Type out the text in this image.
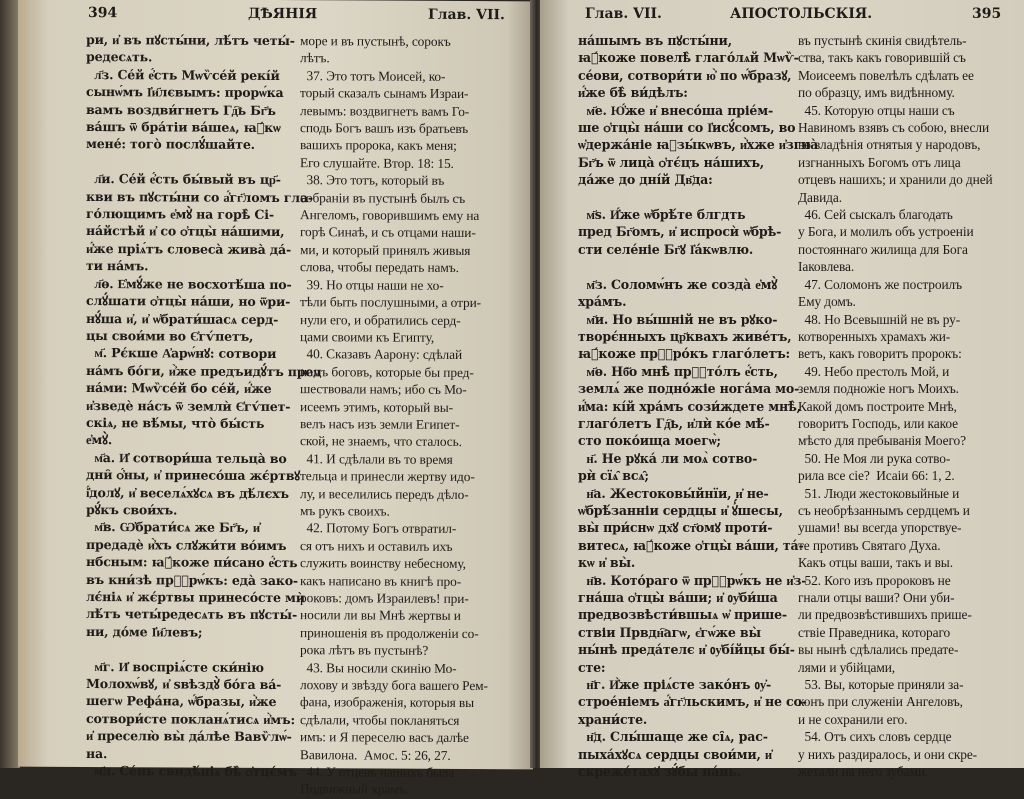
394	ДѢЯНІЯ	Глав. VII.
ри, и҆ въ пꙋсты́ни, лѣ́тъ четы́-
редесѧть.
л҃з. Се́й е҆́сть Мѡѷсе́й рекі́й
сынѡ́мъ І҆и҃лєвымъ: прорѡ́ка
вамъ воздви́гнетъ Гд҇ь Бг҃ъ
ва́шъ ѿ бра́тіи ва́шеѧ, ꙗ҆́кѡ
мене́: того̀ послꙋ́шайте.

л҃и. Се́й е҆́сть бы́вый въ цр҃-
кви въ пꙋсты́ни со а҆́гг҃ломъ гла-
го́лющимъ е҆мꙋ̀ на горѣ̀ Сі-
на́йстѣй и҆ со ѻ҆тцы̀ на́шими,
и҆́же пріѧ́тъ словеса̀ жива̀ да́-
ти на́мъ.
л҃ѳ. Е҆мꙋ́же не восхотѣ́ша по-
слꙋ́шати ѻ҆тцы̀ на́ши, но ѿри-
нꙋ́ша и҆, и҆ ѡ҆брати́шасѧ серд-
цы свои́ми во Є҆гѵ́петъ,
м҃. Рє́кше А҆арѡ́нꙋ: сотвори
на́мъ бо́ги, и҆̀же предъидꙋ́тъ пред
на́ми: Мѡѷсе́й бо се́й, и҆́же
и҆зведѐ на́съ ѿ землѝ Є҆гѵ́пет-
скіѧ, не вѣ́мы, что̀ бы́сть
е҆мꙋ̀.
м҃а. И҆ сотвори́ша тельца̀ во
дни̑ ѻ҆́ны, и҆ принесо́ша жє́ртвꙋ
і҆́долꙋ, и҆ веселѧ́хꙋсѧ въ дѣ́лєхъ
рꙋ́къ свои́хъ.
м҃в. Ѡ҆брати́сѧ же Бг҃ъ, и҆
предадѐ и҆̀хъ слꙋжи́ти во́имъ
нбсным: ꙗ҆́коже пи́сано е҆́сть
въ кни́зѣ прⷪ҇рѡ́къ: еда̀ зако-
лє́ніѧ и҆ жє́ртвы принесо́сте мѝ
лѣ́тъ четы́редесѧть въ пꙋсты́-
ни, до́ме І҆и҃левъ;

м҃г. И҆ воспріѧ́сте ски́нію
Молохѡ́вꙋ, и҆ ѕвѣздꙋ̀ бо́га ва́-
шегѡ Рефа́на, ѡ҆́бразы, и҆̀же
сотвори́сте покланѧ́тисѧ и҆̀мъ:
и҆ преселю̀ вы̀ да́лѣе Вавѷлѡ́-
на.
м҃д. Се́нь свидѣ́ніѧ бѣ̀ ѻ҆тцє́мъ
море и въ пустынѣ, сорокъ
лѣтъ.
37. Это тотъ Моисей, ко-
торый сказалъ сынамъ Израи-
левымъ: воздвигнетъ вамъ Го-
сподь Богъ вашъ изъ братьевъ
вашихъ пророка, какъ меня;
Его слушайте. Втор. 18: 15.
38. Это тотъ, который въ
собраніи въ пустынѣ былъ съ
Ангеломъ, говорившимъ ему на
горѣ Синаѣ, и съ отцами наши-
ми, и который принялъ живыя
слова, чтобы передать намъ.
39. Но отцы наши не хо-
тѣли быть послушными, а отри-
нули его, и обратились серд-
цами своими къ Египту,
40. Сказавъ Аарону: сдѣлай
намъ боговъ, которые бы пред-
шествовали намъ; ибо съ Мо-
исеемъ этимъ, который вы-
велъ насъ изъ земли Египет-
ской, не знаемъ, что сталось.
41. И сдѣлали въ то время
тельца и принесли жертву идо-
лу, и веселились передъ дѣло-
мъ рукъ своихъ.
42. Потому Богъ отвратил-
ся отъ нихъ и оставилъ ихъ
служить воинству небесному,
какъ написано въ книгѣ про-
роковъ: домъ Израилевъ! при-
носили ли вы Мнѣ жертвы и
приношенія въ продолженіи со-
рока лѣтъ въ пустынѣ?
43. Вы носили скинію Мо-
лохову и звѣзду бога вашего Рем-
фана, изображенія, которыя вы
сдѣлали, чтобы покланяться
имъ: и Я переселю васъ далѣе
Вавилона.  Амос. 5: 26, 27.
44. У отцевъ нашихъ была
Подвижный храмъ.
Глав. VII.	АПОСТОЛЬСКІЯ.	395
на́шымъ въ пꙋсты́ни,
ꙗ҆́коже повелѣ̀ глаго́лѧй Мѡѷ-
се́ови, сотвори́ти ю҆̀ по ѡ҆́бразꙋ,
и҆́же бѣ̀ ви́дѣлъ:
м҃е. Ю҆́же и҆ внесо́ша пріе́м-
ше ѻ҆тцы̀ на́ши со І҆исꙋ́сомъ, во
ѡ҆держа́ніе ꙗ҆зы́кѡвъ, и҆̀хже и҆згна̀
Бг҃ъ ѿ лица̀ ѻ҆тє́цъ на́шихъ,
да́же до дні́й Дв҃да:

м҃ѕ. И҆́же ѡ҆брѣ́те блгдть
пред Бг҃омъ, и҆ испросѝ ѡ҆брѣ-
сти селе́ніе Бг҃ꙋ І҆а́кѡвлю.

м҃з. Соломѡ́нъ же созда̀ е҆мꙋ̀
хра́мъ.
м҃и. Но вы́шній не въ рꙋко-
творє́нныхъ цр҃квахъ живе́тъ,
ꙗ҆́коже прⷪ҇ро́къ глаго́летъ:
м҃ѳ. Нб҃о мнѣ̀ прⷭ҇то́лъ е҆́сть,
землѧ́ же подно́жіе нога́ма мо-
и҆́ма: кі́й хра́мъ сози́ждете мнѣ̀,
глаго́летъ Гд҇ь, и҆лѝ ко́е мѣ́-
сто поко́ища моегѡ̀;
н҃. Не рꙋка́ ли моѧ̀ сотво-
рѝ сїѧ̑ всѧ̑;
н҃а. Жестоковы́йнїи, и҆ не-
ѡ҆брѣ́занніи сердцы и҆ ꙋ҆́шесы,
вы̀ при́снѡ дх҃ꙋ ст҃омꙋ проти́-
витесѧ, ꙗ҆́коже ѻ҆тцы̀ ва́ши, та́-
кѡ и҆ вы̀.
н҃в. Кото́раго ѿ прⷪ҇рѡ́къ не и҆з-
гна́ша ѻ҆тцы̀ ва́ши; и҆ ᲂу҆би́ша
предвозвѣсти́вшыѧ ѡ҆ прише-
ствіи Првдн҇агѡ, є҆гѡ́же вы̀
ны́нѣ преда́телє и҆ ᲂу҆бі́йцы бы́-
сте:
н҃г. И҆̀же пріѧ́сте зако́нъ ᲂу҆-
строе́ніемъ а҆́гг҃льскимъ, и҆ не со-
храни́сте.
н҃д. Слы́шаще же сі̑ѧ, рас-
пыха́хꙋсѧ сердцы свои́ми, и҆
скреже́тахꙋ зꙋ́бы на́нь.
въ пустынѣ скинія свидѣтель-
ства, такъ какъ говорившій съ
Моисеемъ повелѣлъ сдѣлать ее
по образцу, имъ видѣнному.
45. Которую отцы наши съ
Навиномъ взявъ съ собою, внесли
во владѣнія отнятыя у народовъ,
изгнанныхъ Богомъ отъ лица
отцевъ нашихъ; и хранили до дней
Давида.
46. Сей сыскалъ благодать
у Бога, и молилъ объ устроеніи
постояннаго жилища для Бога
Іаковлева.
47. Соломонъ же построилъ
Ему домъ.
48. Но Всевышній не въ ру-
котворенныхъ храмахъ жи-
ветъ, какъ говоритъ пророкъ:
49. Небо престолъ Мой, и
земля подножіе ногъ Моихъ.
Какой домъ построите Мнѣ,
говоритъ Господь, или какое
мѣсто для пребыванія Моего?
50. Не Моя ли рука сотво-
рила все сіе?  Исаіи 66: 1, 2.
51. Люди жестоковыйные и
съ необрѣзаннымъ сердцемъ и
ушами! вы всегда упорствуе-
те противъ Святаго Духа.
Какъ отцы ваши, такъ и вы.
52. Кого изъ пророковъ не
гнали отцы ваши? Они уби-
ли предвозвѣстившихъ прише-
ствіе Праведника, котораго
вы нынѣ сдѣлались предате-
лями и убійцами,
53. Вы, которые приняли за-
конъ при служеніи Ангеловъ,
и не сохранили его.
54. Отъ сихъ словъ сердце
у нихъ раздиралось, и они скре-
жетали на него зубами.
